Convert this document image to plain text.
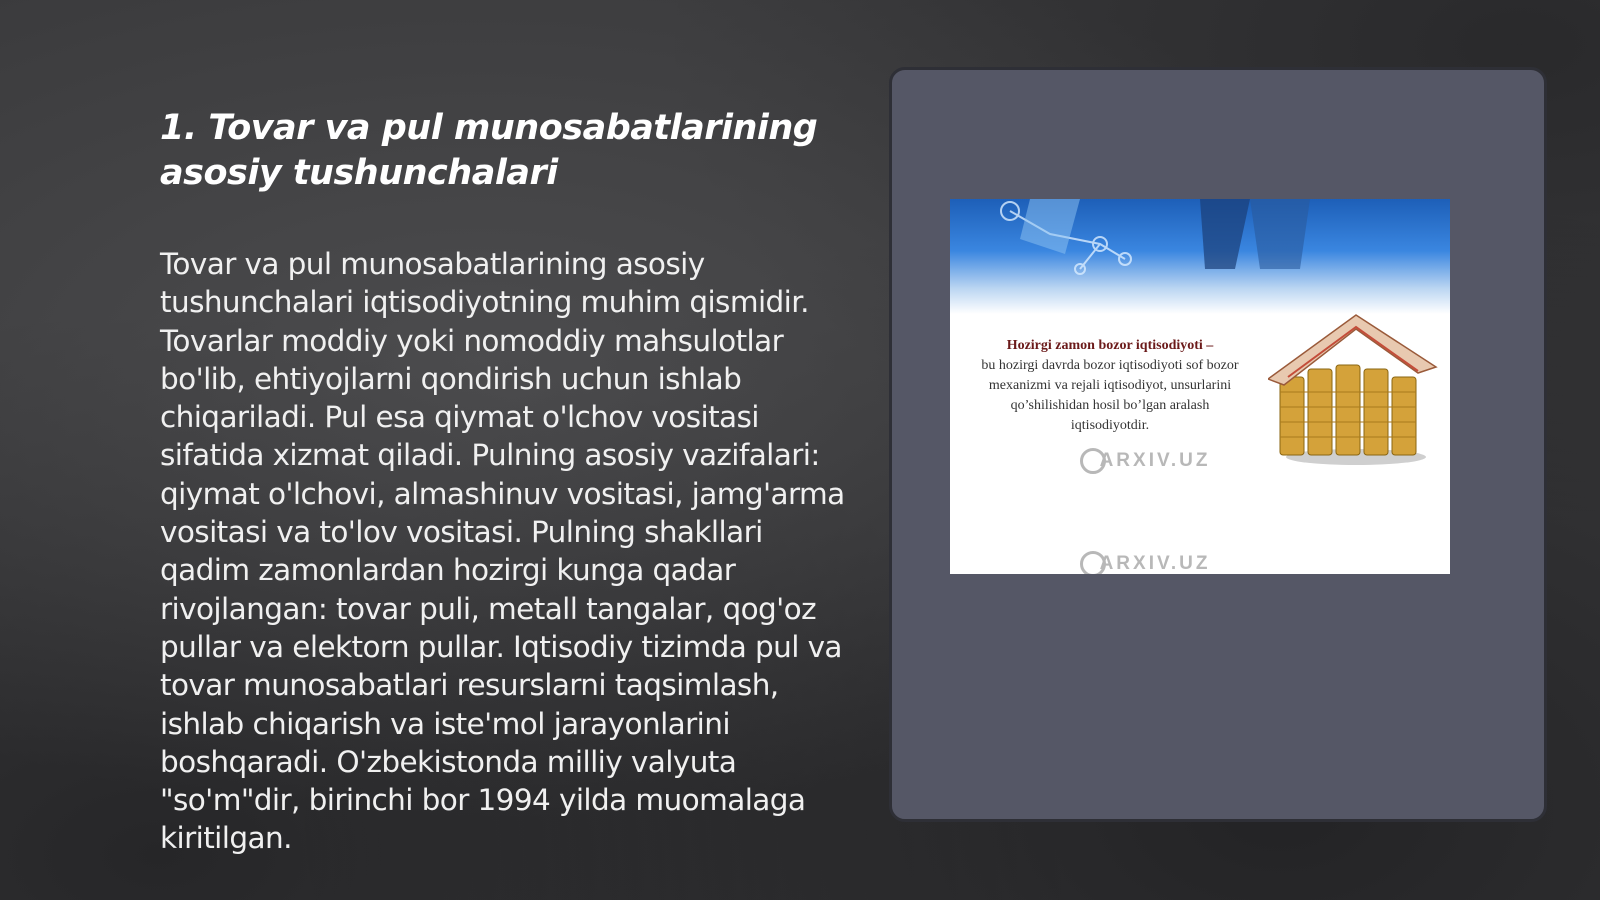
1. Tovar va pul munosabatlarining asosiy tushunchalari

Tovar va pul munosabatlarining asosiy tushunchalari iqtisodiyotning muhim qismidir. Tovarlar moddiy yoki nomoddiy mahsulotlar bo'lib, ehtiyojlarni qondirish uchun ishlab chiqariladi. Pul esa qiymat o'lchov vositasi sifatida xizmat qiladi. Pulning asosiy vazifalari: qiymat o'lchovi, almashinuv vositasi, jamg'arma vositasi va to'lov vositasi. Pulning shakllari qadim zamonlardan hozirgi kunga qadar rivojlangan: tovar puli, metall tangalar, qog'oz pullar va elektorn pullar. Iqtisodiy tizimda pul va tovar munosabatlari resurslarni taqsimlash, ishlab chiqarish va iste'mol jarayonlarini boshqaradi. O'zbekistonda milliy valyuta "so'm"dir, birinchi bor 1994 yilda muomalaga kiritilgan.

Hozirgi zamon bozor iqtisodiyoti –
bu hozirgi davrda bozor iqtisodiyoti sof bozor mexanizmi va rejali iqtisodiyot, unsurlarini qo’shilishidan hosil bo’lgan aralash iqtisodiyotdir.
ARXIV.UZ
ARXIV.UZ
